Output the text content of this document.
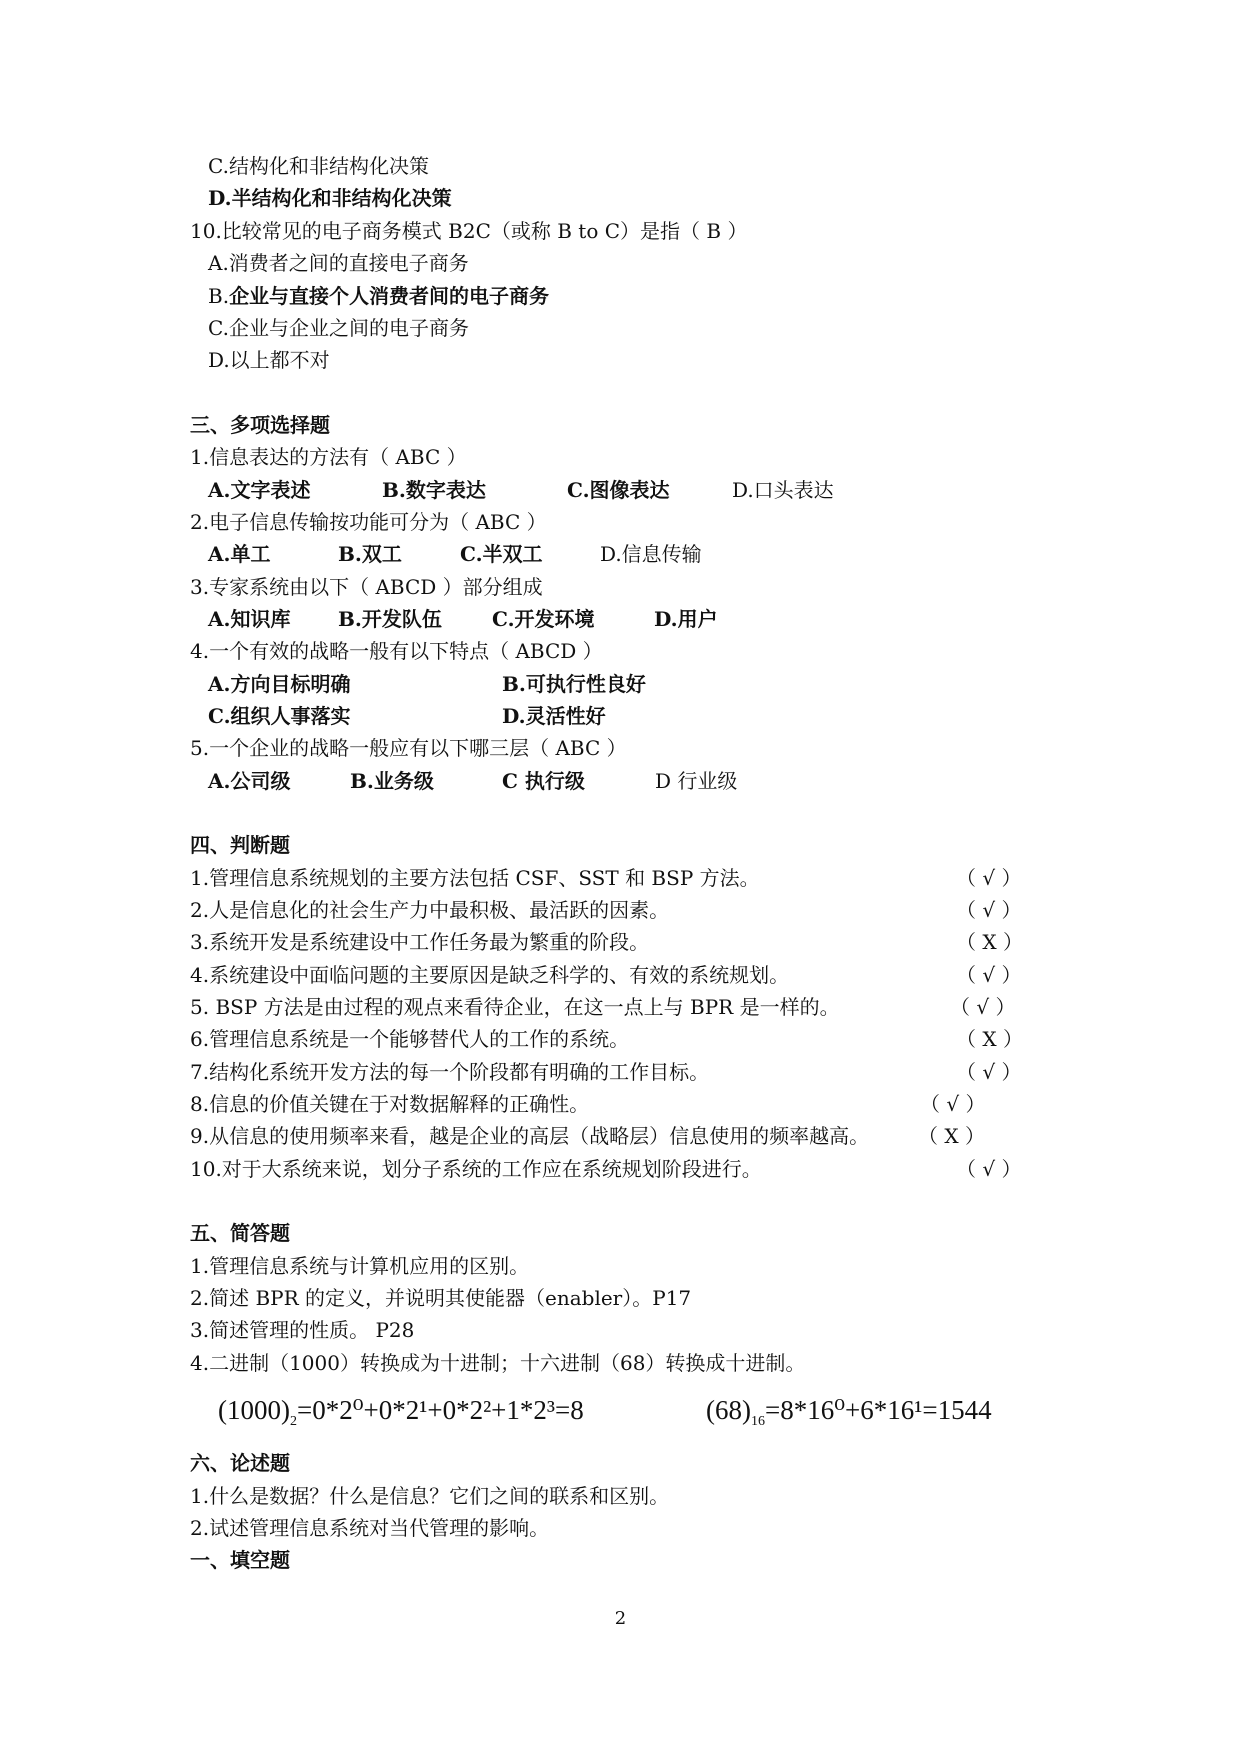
C.结构化和非结构化决策
D.半结构化和非结构化决策
10.比较常见的电子商务模式 B2C（或称 B to C）是指（ B ）
A.消费者之间的直接电子商务
B.企业与直接个人消费者间的电子商务
C.企业与企业之间的电子商务
D.以上都不对
三、多项选择题
1.信息表达的方法有（ ABC ）
A.文字表述	B.数字表达	C.图像表达	D.口头表达
2.电子信息传输按功能可分为（ ABC ）
A.单工	B.双工	C.半双工	D.信息传输
3.专家系统由以下（ ABCD ）部分组成
A.知识库 B.开发队伍	C.开发环境	D.用户
4.一个有效的战略一般有以下特点（ ABCD ）
A.方向目标明确	B.可执行性良好
C.组织人事落实	D.灵活性好
5.一个企业的战略一般应有以下哪三层（ ABC ）
A.公司级	B.业务级	C 执行级	D 行业级
四、判断题
1.管理信息系统规划的主要方法包括 CSF、SST 和 BSP 方法。	（ √ ）
2.人是信息化的社会生产力中最积极、最活跃的因素。	（ √ ）
3.系统开发是系统建设中工作任务最为繁重的阶段。	（ X ）
4.系统建设中面临问题的主要原因是缺乏科学的、有效的系统规划。	（ √ ）
5. BSP 方法是由过程的观点来看待企业，在这一点上与 BPR 是一样的。	（ √ ）
6.管理信息系统是一个能够替代人的工作的系统。	（ X ）
7.结构化系统开发方法的每一个阶段都有明确的工作目标。	（ √ ）
8.信息的价值关键在于对数据解释的正确性。	（ √ ）
9.从信息的使用频率来看，越是企业的高层（战略层）信息使用的频率越高。 （ X ）
10.对于大系统来说，划分子系统的工作应在系统规划阶段进行。	（ √ ）
五、简答题
1.管理信息系统与计算机应用的区别。
2.简述 BPR 的定义，并说明其使能器（enabler）。P17
3.简述管理的性质。 P28
4.二进制（1000）转换成为十进制；十六进制（68）转换成十进制。
$(1000)_2=0*2^0+0*2^1+0*2^2+1*2^3=8$	$(68)_{16}=8*16^0+6*16^1=1544$
六、论述题
1.什么是数据？什么是信息？它们之间的联系和区别。
2.试述管理信息系统对当代管理的影响。
一、填空题
2
